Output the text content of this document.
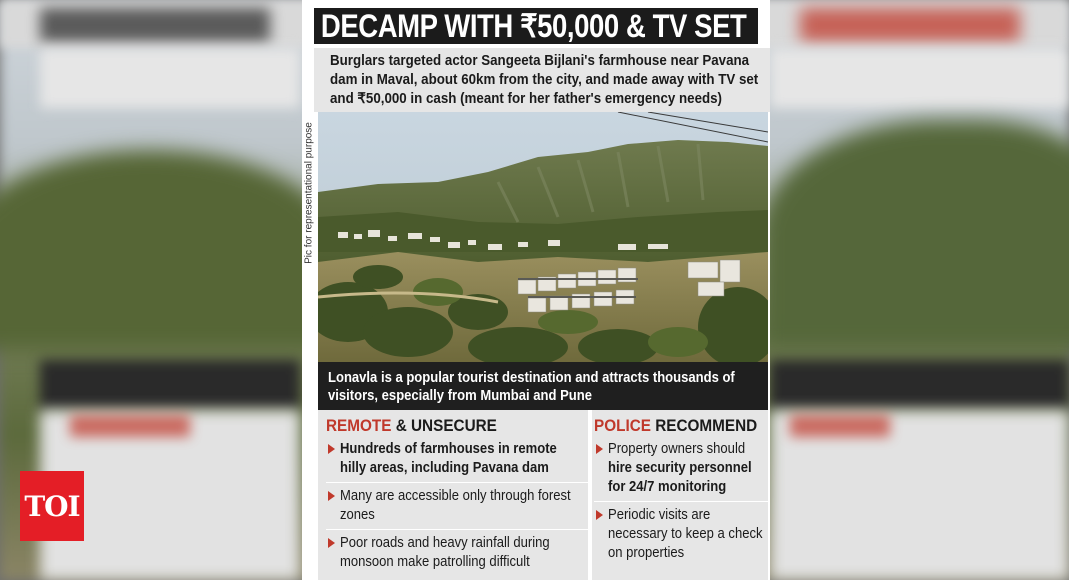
TOI
DECAMP WITH ₹50,000 & TV SET

Burglars targeted actor Sangeeta Bijlani's farmhouse near Pavana dam in Maval, about 60km from the city, and made away with TV set and ₹50,000 in cash (meant for her father's emergency needs)

Pic for representational purpose

Lonavla is a popular tourist destination and attracts thousands of visitors, especially from Mumbai and Pune

REMOTE & UNSECURE
Hundreds of farmhouses in remote hilly areas, including Pavana dam
Many are accessible only through forest zones
Poor roads and heavy rainfall during monsoon make patrolling difficult
POLICE RECOMMEND
Property owners should hire security personnel for 24/7 monitoring
Periodic visits are necessary to keep a check on properties
